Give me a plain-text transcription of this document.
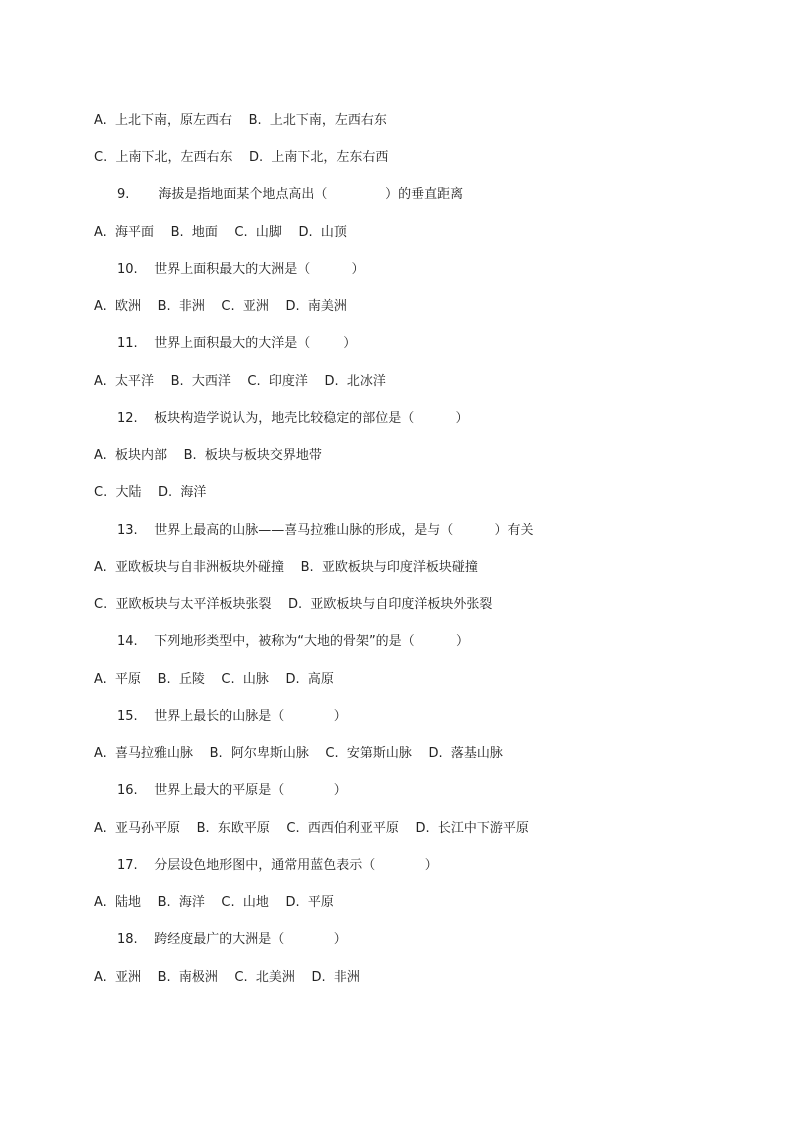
A.  上北下南，原左西右    B.  上北下南，左西右东
C.  上南下北，左西右东    D.  上南下北，左东右西
9.       海拔是指地面某个地点高出（              ）的垂直距离
A.  海平面    B.  地面    C.  山脚    D.  山顶
10.    世界上面积最大的大洲是（          ）
A.  欧洲    B.  非洲    C.  亚洲    D.  南美洲
11.    世界上面积最大的大洋是（        ）
A.  太平洋    B.  大西洋    C.  印度洋    D.  北冰洋
12.    板块构造学说认为，地壳比较稳定的部位是（          ）
A.  板块内部    B.  板块与板块交界地带
C.  大陆    D.  海洋
13.    世界上最高的山脉——喜马拉雅山脉的形成，是与（          ）有关
A.  亚欧板块与自非洲板块外碰撞    B.  亚欧板块与印度洋板块碰撞
C.  亚欧板块与太平洋板块张裂    D.  亚欧板块与自印度洋板块外张裂
14.    下列地形类型中，被称为“大地的骨架”的是（          ）
A.  平原    B.  丘陵    C.  山脉    D.  高原
15.    世界上最长的山脉是（            ）
A.  喜马拉雅山脉    B.  阿尔卑斯山脉    C.  安第斯山脉    D.  落基山脉
16.    世界上最大的平原是（            ）
A.  亚马孙平原    B.  东欧平原    C.  西西伯利亚平原    D.  长江中下游平原
17.    分层设色地形图中，通常用蓝色表示（            ）
A.  陆地    B.  海洋    C.  山地    D.  平原
18.    跨经度最广的大洲是（            ）
A.  亚洲    B.  南极洲    C.  北美洲    D.  非洲
